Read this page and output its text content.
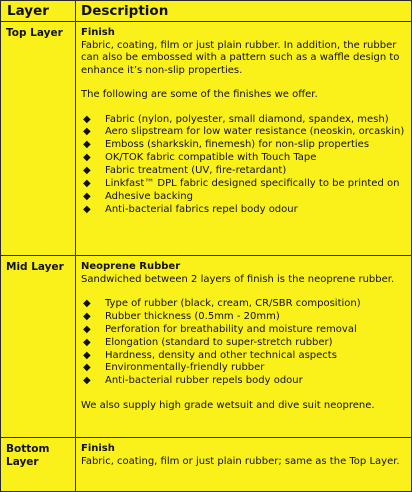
Layer Description
Top Layer	Finish

Fabric, coating, film or just plain rubber. In addition, the rubber can also be embossed with a pattern such as a waffle design to enhance it’s non-slip properties.

The following are some of the finishes we offer.

◆ Fabric (nylon, polyester, small diamond, spandex, mesh)
◆ Aero slipstream for low water resistance (neoskin, orcaskin)
◆ Emboss (sharkskin, finemesh) for non-slip properties
◆ OK/TOK fabric compatible with Touch Tape
◆ Fabric treatment (UV, fire-retardant)
◆ Linkfast™ DPL fabric designed specifically to be printed on
◆ Adhesive backing
◆ Anti-bacterial fabrics repel body odour
Mid Layer	Neoprene Rubber

Sandwiched between 2 layers of finish is the neoprene rubber.

◆ Type of rubber (black, cream, CR/SBR composition)
◆ Rubber thickness (0.5mm - 20mm)
◆ Perforation for breathability and moisture removal
◆ Elongation (standard to super-stretch rubber)
◆ Hardness, density and other technical aspects
◆ Environmentally-friendly rubber
◆ Anti-bacterial rubber repels body odour

We also supply high grade wetsuit and dive suit neoprene.

Bottom Layer
Finish

Fabric, coating, film or just plain rubber; same as the Top Layer.
